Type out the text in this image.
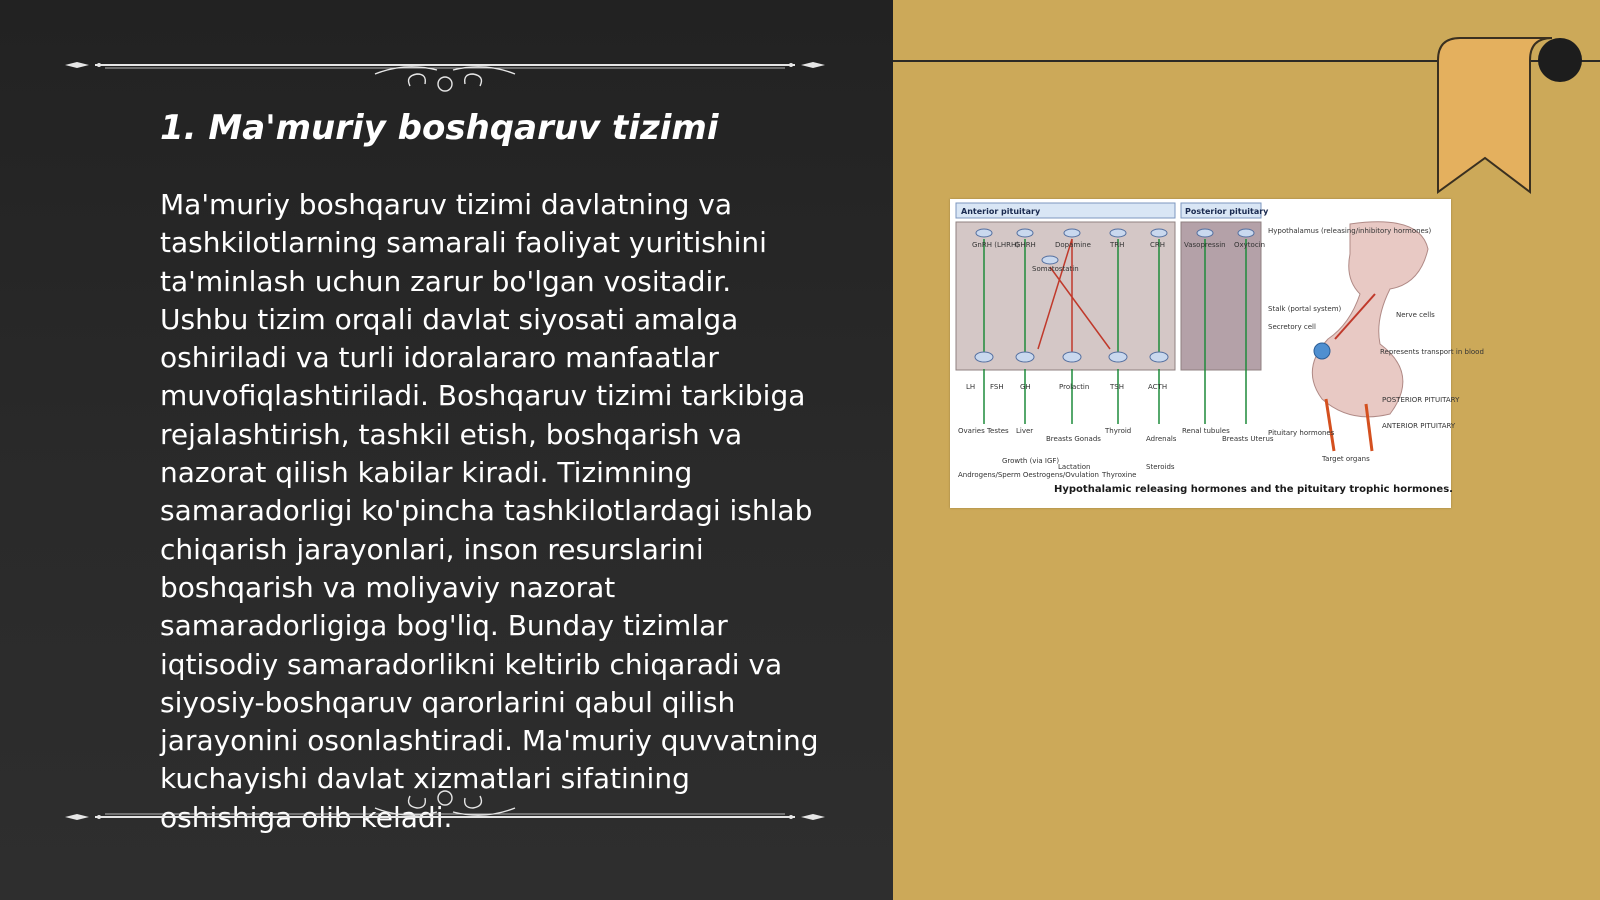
1. Ma'muriy boshqaruv tizimi

Ma'muriy boshqaruv tizimi davlatning va tashkilotlarning samarali faoliyat yuritishini ta'minlash uchun zarur bo'lgan vositadir. Ushbu tizim orqali davlat siyosati amalga oshiriladi va turli idoralararo manfaatlar muvofiqlashtiriladi. Boshqaruv tizimi tarkibiga rejalashtirish, tashkil etish, boshqarish va nazorat qilish kabilar kiradi. Tizimning samaradorligi ko'pincha tashkilotlardagi ishlab chiqarish jarayonlari, inson resurslarini boshqarish va moliyaviy nazorat samaradorligiga bog'liq. Bunday tizimlar iqtisodiy samaradorlikni keltirib chiqaradi va siyosiy-boshqaruv qarorlarini qabul qilish jarayonini osonlashtiradi. Ma'muriy quvvatning kuchayishi davlat xizmatlari sifatining oshishiga olib keladi.

Anterior pituitary	Posterior pituitary
GnRH (LHRH)
GHRH	Dopamine	TRH	CRH
Somatostatin
Vasopressin Oxytocin
LH FSH GH	Prolactin	TSH	ACTH
Ovaries Testes Liver
Breasts Gonads
Thyroid
Adrenals
Renal tubules
Breasts Uterus
Androgens/Sperm Oestrogens/Ovulation
Growth (via IGF)
Lactation
Thyroxine
Steroids
Hypothalamus (releasing/inhibitory hormones)
Stalk (portal system)
Secretory cell
Nerve cells
Represents transport in blood
POSTERIOR PITUITARY
ANTERIOR PITUITARY
Pituitary hormones
Target organs
Hypothalamic releasing hormones and the pituitary trophic hormones.
